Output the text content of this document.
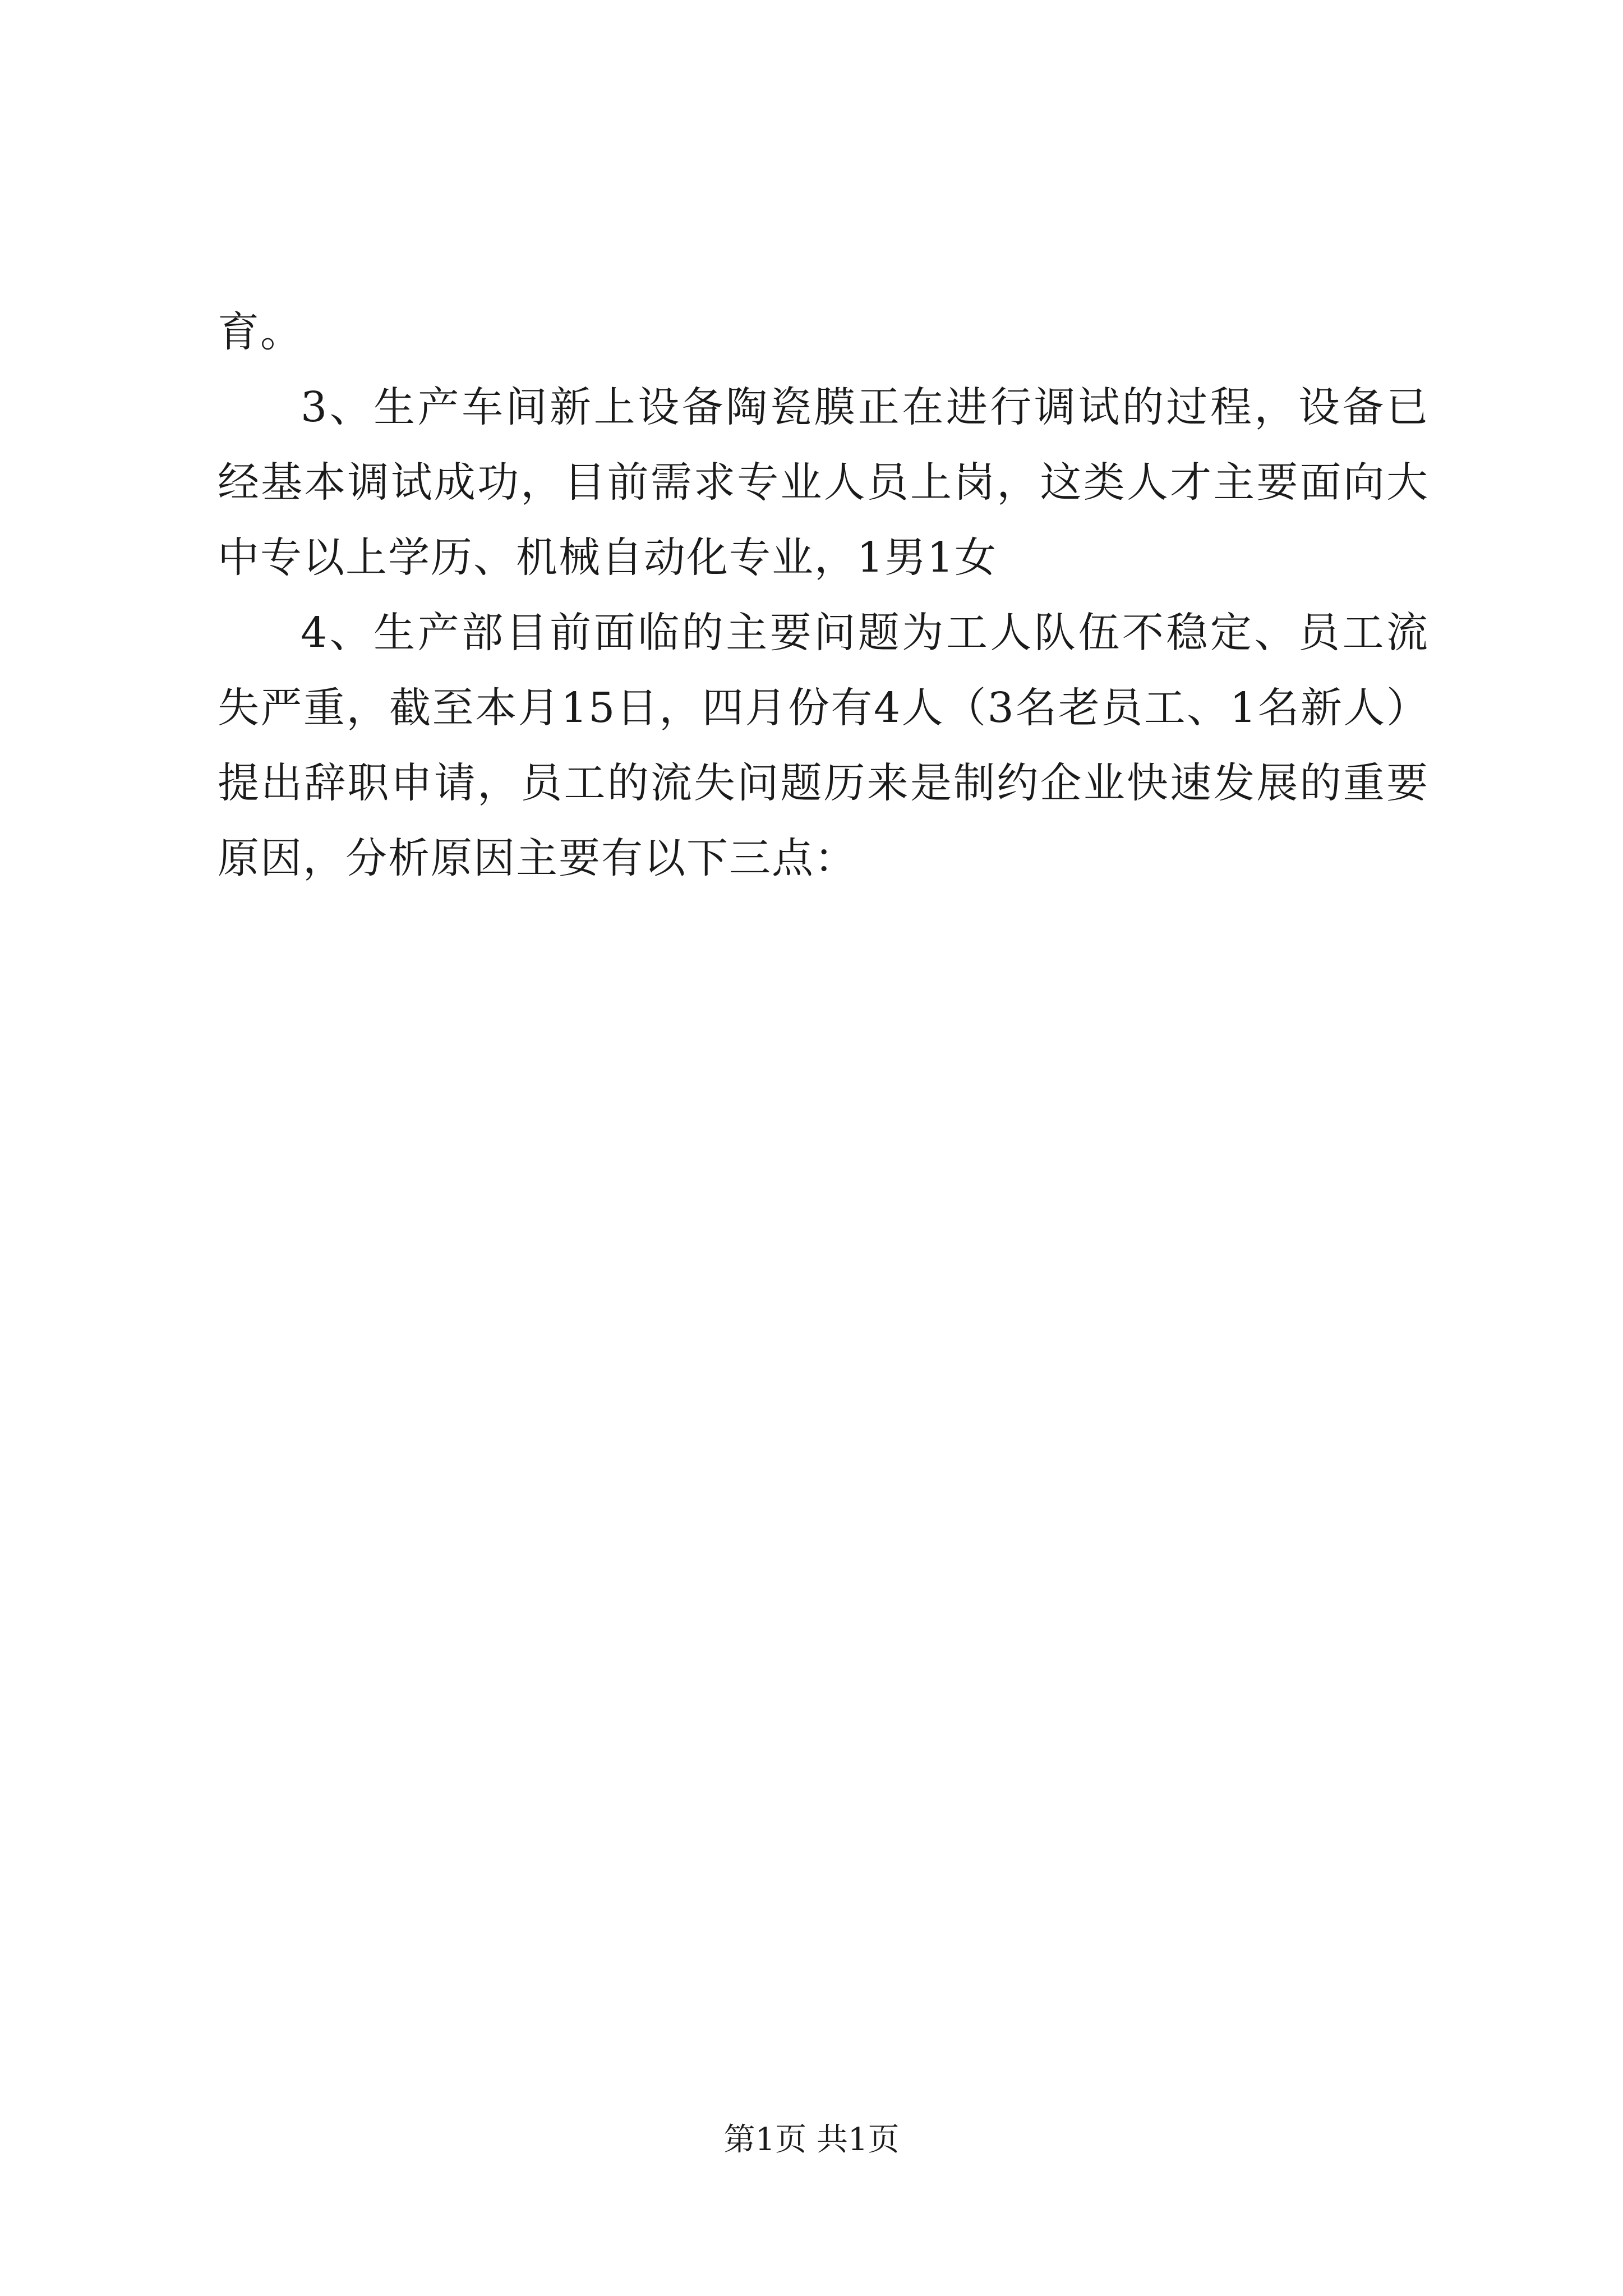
育。

3、生产车间新上设备陶瓷膜正在进行调试的过程，设备已经基本调试成功，目前需求专业人员上岗，这类人才主要面向大中专以上学历、机械自动化专业，1男1女

4、生产部目前面临的主要问题为工人队伍不稳定、员工流失严重，截至本月15日，四月份有4人（3名老员工、1名新人）提出辞职申请，员工的流失问题历来是制约企业快速发展的重要原因，分析原因主要有以下三点：

第1页 共1页
